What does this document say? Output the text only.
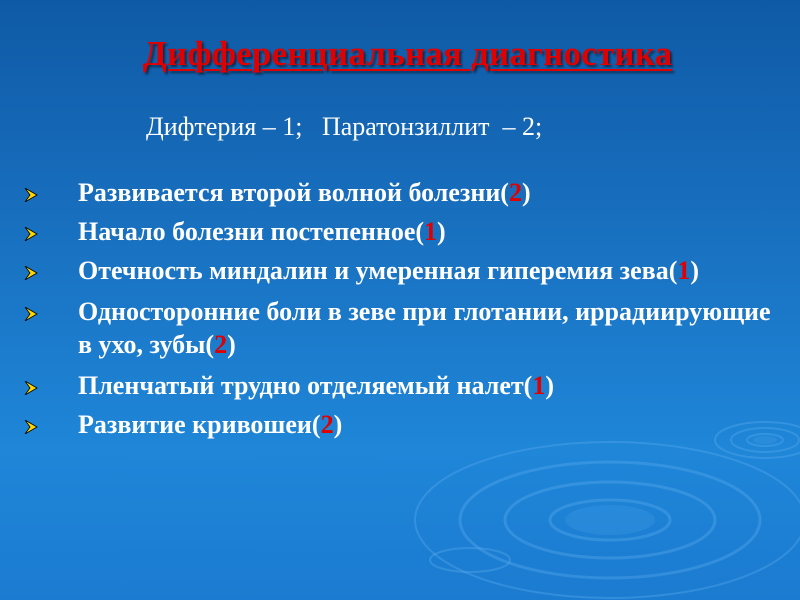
Дифференциальная диагностика
Дифтерия – 1;   Паратонзиллит  – 2;
Развивается второй волной болезни(2)
Начало болезни постепенное(1)
Отечность миндалин и умеренная гиперемия зева(1)
Односторонние боли в зеве при глотании, иррадиирующие в ухо, зубы(2)
Пленчатый трудно отделяемый налет(1)
Развитие кривошеи(2)
